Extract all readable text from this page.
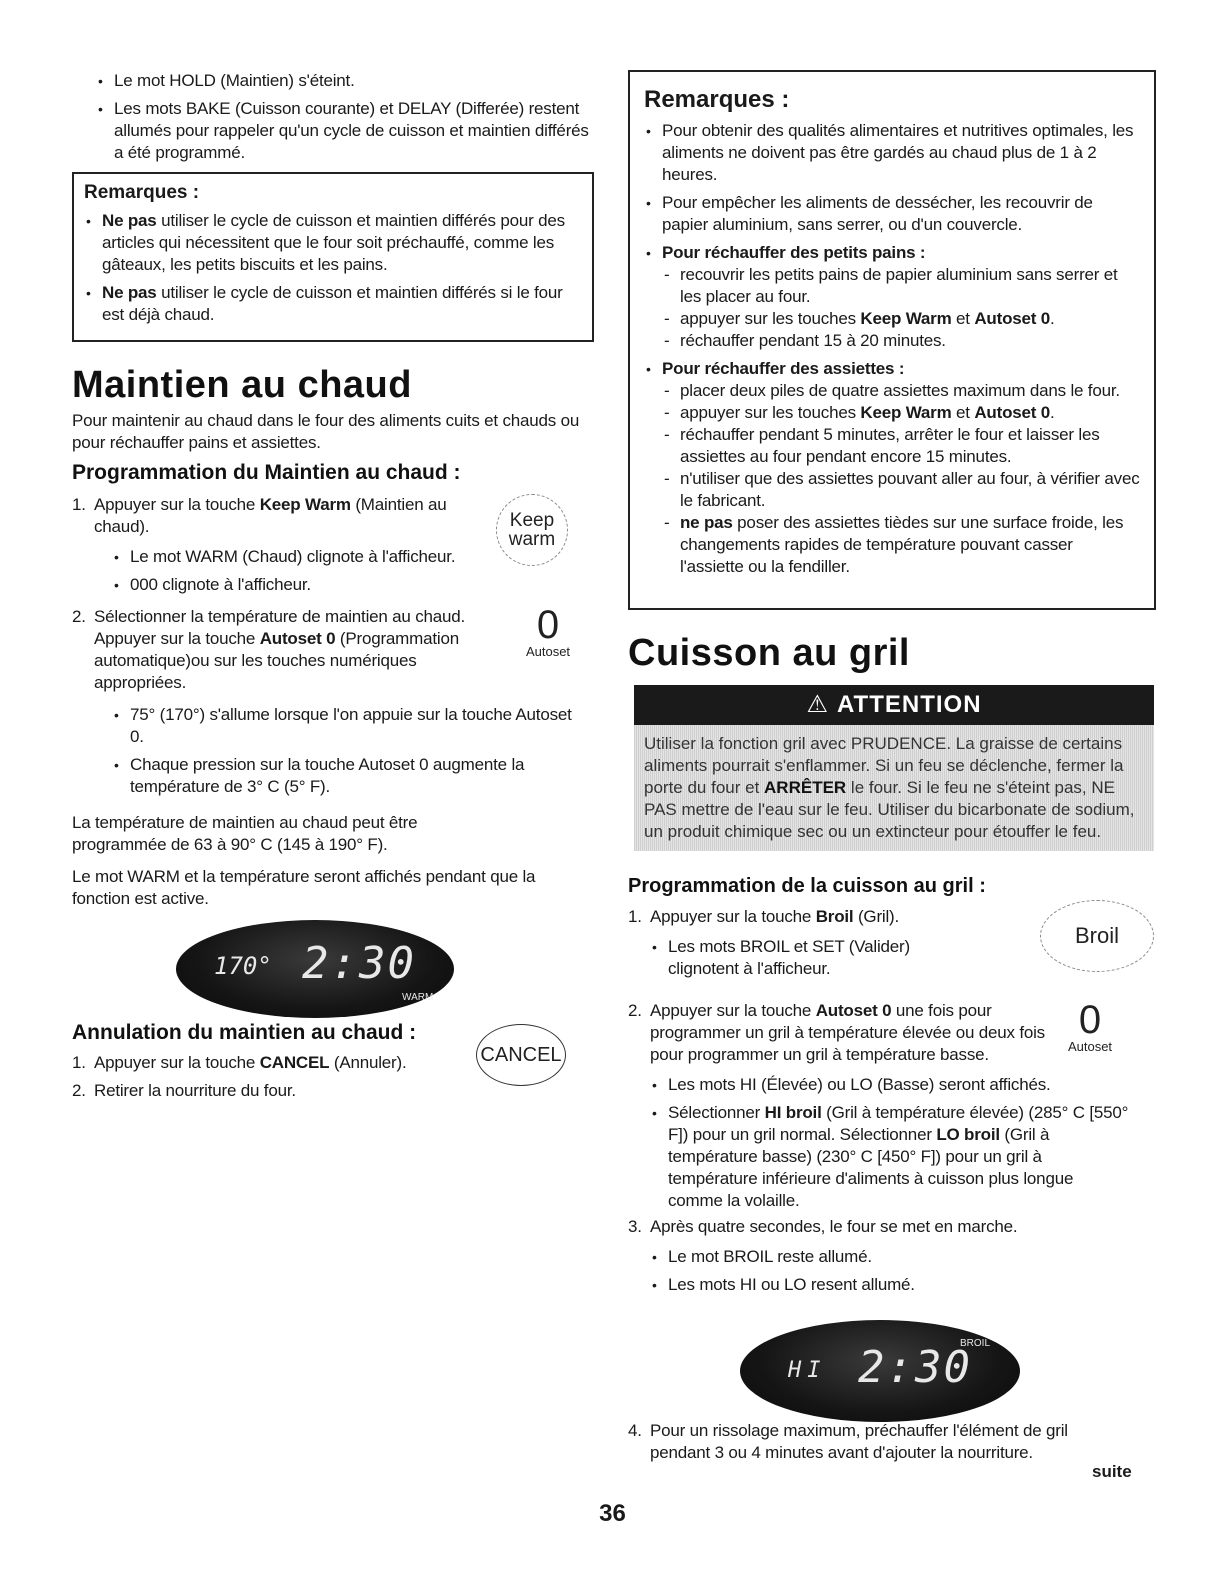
• Le mot HOLD (Maintien) s'éteint.
• Les mots BAKE (Cuisson courante) et DELAY (Differée) restent allumés pour rappeler qu'un cycle de cuisson et maintien différés a été programmé.

Remarques :

• Ne pas utiliser le cycle de cuisson et maintien différés pour des articles qui nécessitent que le four soit préchauffé, comme les gâteaux, les petits biscuits et les pains.
• Ne pas utiliser le cycle de cuisson et maintien différés si le four est déjà chaud.
Maintien au chaud

Pour maintenir au chaud dans le four des aliments cuits et chauds ou pour réchauffer pains et assiettes.

Programmation du Maintien au chaud :
1. Appuyer sur la touche Keep Warm (Maintien au chaud).
• Le mot WARM (Chaud) clignote à l'afficheur.
• 000 clignote à l'afficheur.
Keep
warm
2. Sélectionner la température de maintien au chaud. Appuyer sur la touche Autoset 0 (Programmation automatique)ou sur les touches numériques appropriées.
0
Autoset
• 75° (170°) s'allume lorsque l'on appuie sur la touche Autoset 0.
• Chaque pression sur la touche Autoset 0 augmente la température de 3° C (5° F).

La température de maintien au chaud peut être programmée de 63 à 90° C (145 à 190° F).

Le mot WARM et la température seront affichés pendant que la fonction est active.

170° 2:30
WARM
Annulation du maintien au chaud :
CANCEL
1. Appuyer sur la touche CANCEL (Annuler).
2. Retirer la nourriture du four.

Remarques :

• Pour obtenir des qualités alimentaires et nutritives optimales, les aliments ne doivent pas être gardés au chaud plus de 1 à 2 heures.
• Pour empêcher les aliments de dessécher, les recouvrir de papier aluminium, sans serrer, ou d'un couvercle.
• Pour réchauffer des petits pains :
- recouvrir les petits pains de papier aluminium sans serrer et les placer au four.
- appuyer sur les touches Keep Warm et Autoset 0.
- réchauffer pendant 15 à 20 minutes.
• Pour réchauffer des assiettes :
- placer deux piles de quatre assiettes maximum dans le four.
- appuyer sur les touches Keep Warm et Autoset 0.
- réchauffer pendant 5 minutes, arrêter le four et laisser les assiettes au four pendant encore 15 minutes.
- n'utiliser que des assiettes pouvant aller au four, à vérifier avec le fabricant.
- ne pas poser des assiettes tièdes sur une surface froide, les changements rapides de température pouvant casser l'assiette ou la fendiller.
Cuisson au gril
⚠ ATTENTION
Utiliser la fonction gril avec PRUDENCE. La graisse de certains aliments pourrait s'enflammer. Si un feu se déclenche, fermer la porte du four et ARRÊTER le four. Si le feu ne s'éteint pas, NE PAS mettre de l'eau sur le feu. Utiliser du bicarbonate de sodium, un produit chimique sec ou un extincteur pour étouffer le feu.
Programmation de la cuisson au gril :
Broil
1. Appuyer sur la touche Broil (Gril).
• Les mots BROIL et SET (Valider) clignotent à l'afficheur.
2. Appuyer sur la touche Autoset 0 une fois pour programmer un gril à température élevée ou deux fois pour programmer un gril à température basse.
0
Autoset
• Les mots HI (Élevée) ou LO (Basse) seront affichés.
• Sélectionner HI broil (Gril à température élevée) (285° C [550° F]) pour un gril normal. Sélectionner LO broil (Gril à température basse) (230° C [450° F]) pour un gril à température inférieure d'aliments à cuisson plus longue comme la volaille.
3. Après quatre secondes, le four se met en marche.
• Le mot BROIL reste allumé.
• Les mots HI ou LO resent allumé.
HI 2:30
BROIL
4. Pour un rissolage maximum, préchauffer l'élément de gril pendant 3 ou 4 minutes avant d'ajouter la nourriture.

suite

36
